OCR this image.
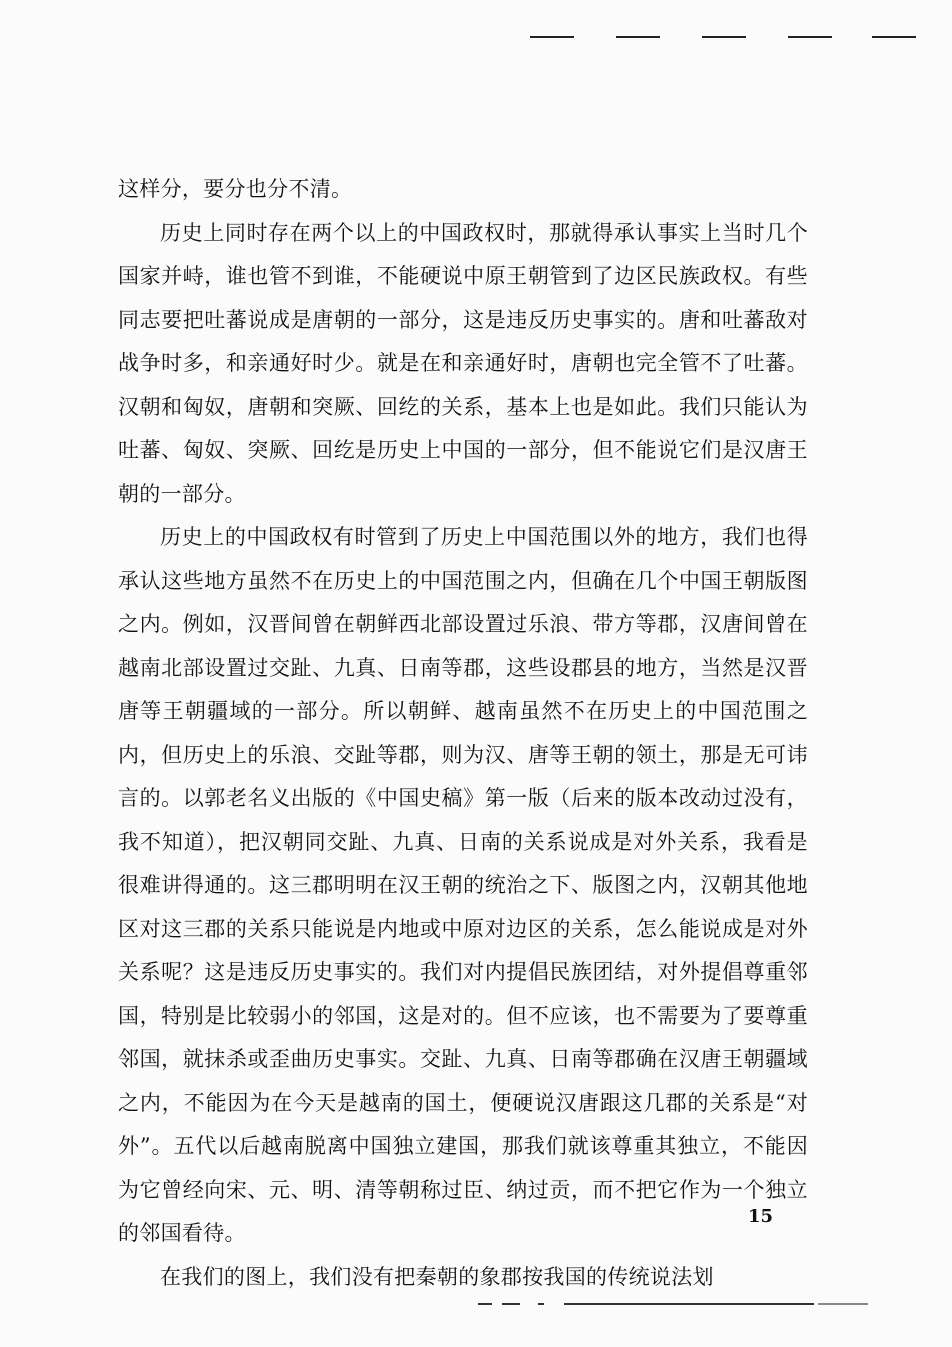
这样分，要分也分不清。

历史上同时存在两个以上的中国政权时，那就得承认事实上当时几个国家并峙，谁也管不到谁，不能硬说中原王朝管到了边区民族政权。有些同志要把吐蕃说成是唐朝的一部分，这是违反历史事实的。唐和吐蕃敌对战争时多，和亲通好时少。就是在和亲通好时，唐朝也完全管不了吐蕃。汉朝和匈奴，唐朝和突厥、回纥的关系，基本上也是如此。我们只能认为吐蕃、匈奴、突厥、回纥是历史上中国的一部分，但不能说它们是汉唐王朝的一部分。

历史上的中国政权有时管到了历史上中国范围以外的地方，我们也得承认这些地方虽然不在历史上的中国范围之内，但确在几个中国王朝版图之内。例如，汉晋间曾在朝鲜西北部设置过乐浪、带方等郡，汉唐间曾在越南北部设置过交趾、九真、日南等郡，这些设郡县的地方，当然是汉晋唐等王朝疆域的一部分。所以朝鲜、越南虽然不在历史上的中国范围之内，但历史上的乐浪、交趾等郡，则为汉、唐等王朝的领土，那是无可讳言的。以郭老名义出版的《中国史稿》第一版（后来的版本改动过没有，我不知道），把汉朝同交趾、九真、日南的关系说成是对外关系，我看是很难讲得通的。这三郡明明在汉王朝的统治之下、版图之内，汉朝其他地区对这三郡的关系只能说是内地或中原对边区的关系，怎么能说成是对外关系呢？这是违反历史事实的。我们对内提倡民族团结，对外提倡尊重邻国，特别是比较弱小的邻国，这是对的。但不应该，也不需要为了要尊重邻国，就抹杀或歪曲历史事实。交趾、九真、日南等郡确在汉唐王朝疆域之内，不能因为在今天是越南的国土，便硬说汉唐跟这几郡的关系是“对外”。五代以后越南脱离中国独立建国，那我们就该尊重其独立，不能因为它曾经向宋、元、明、清等朝称过臣、纳过贡，而不把它作为一个独立的邻国看待。

在我们的图上，我们没有把秦朝的象郡按我国的传统说法划

15
